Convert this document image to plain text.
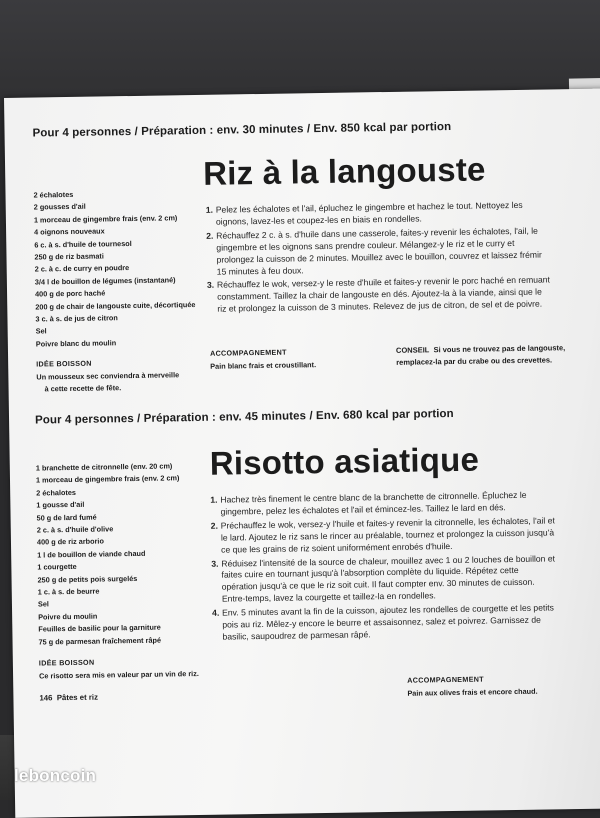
Pour 4 personnes / Préparation : env. 30 minutes / Env. 850 kcal par portion
Riz à la langouste
2 échalotes
2 gousses d'ail
1 morceau de gingembre frais (env. 2 cm)
4 oignons nouveaux
6 c. à s. d'huile de tournesol
250 g de riz basmati
2 c. à c. de curry en poudre
3/4 l de bouillon de légumes (instantané)
400 g de porc haché
200 g de chair de langouste cuite, décortiquée
3 c. à s. de jus de citron
Sel
Poivre blanc du moulin
IDÉE BOISSON
Un mousseux sec conviendra à merveille
à cette recette de fête.
1. Pelez les échalotes et l'ail, épluchez le gingembre et hachez le tout. Nettoyez les oignons, lavez-les et coupez-les en biais en rondelles.
2. Réchauffez 2 c. à s. d'huile dans une casserole, faites-y revenir les échalotes, l'ail, le gingembre et les oignons sans prendre couleur. Mélangez-y le riz et le curry et prolongez la cuisson de 2 minutes. Mouillez avec le bouillon, couvrez et laissez frémir 15 minutes à feu doux.
3. Réchauffez le wok, versez-y le reste d'huile et faites-y revenir le porc haché en remuant constamment. Taillez la chair de langouste en dés. Ajoutez-la à la viande, ainsi que le riz et prolongez la cuisson de 3 minutes. Relevez de jus de citron, de sel et de poivre.
ACCOMPAGNEMENT
Pain blanc frais et croustillant.
CONSEIL Si vous ne trouvez pas de langouste, remplacez-la par du crabe ou des crevettes.
Pour 4 personnes / Préparation : env. 45 minutes / Env. 680 kcal par portion
Risotto asiatique
1 branchette de citronnelle (env. 20 cm)
1 morceau de gingembre frais (env. 2 cm)
2 échalotes
1 gousse d'ail
50 g de lard fumé
2 c. à s. d'huile d'olive
400 g de riz arborio
1 l de bouillon de viande chaud
1 courgette
250 g de petits pois surgelés
1 c. à s. de beurre
Sel
Poivre du moulin
Feuilles de basilic pour la garniture
75 g de parmesan fraîchement râpé
IDÉE BOISSON
Ce risotto sera mis en valeur par un vin de riz.
146 Pâtes et riz
1. Hachez très finement le centre blanc de la branchette de citronnelle. Épluchez le gingembre, pelez les échalotes et l'ail et émincez-les. Taillez le lard en dés.
2. Préchauffez le wok, versez-y l'huile et faites-y revenir la citronnelle, les échalotes, l'ail et le lard. Ajoutez le riz sans le rincer au préalable, tournez et prolongez la cuisson jusqu'à ce que les grains de riz soient uniformément enrobés d'huile.
3. Réduisez l'intensité de la source de chaleur, mouillez avec 1 ou 2 louches de bouillon et faites cuire en tournant jusqu'à l'absorption complète du liquide. Répétez cette opération jusqu'à ce que le riz soit cuit. Il faut compter env. 30 minutes de cuisson. Entre-temps, lavez la courgette et taillez-la en rondelles.
4. Env. 5 minutes avant la fin de la cuisson, ajoutez les rondelles de courgette et les petits pois au riz. Mêlez-y encore le beurre et assaisonnez, salez et poivrez. Garnissez de basilic, saupoudrez de parmesan râpé.
ACCOMPAGNEMENT
Pain aux olives frais et encore chaud.
leboncoin
